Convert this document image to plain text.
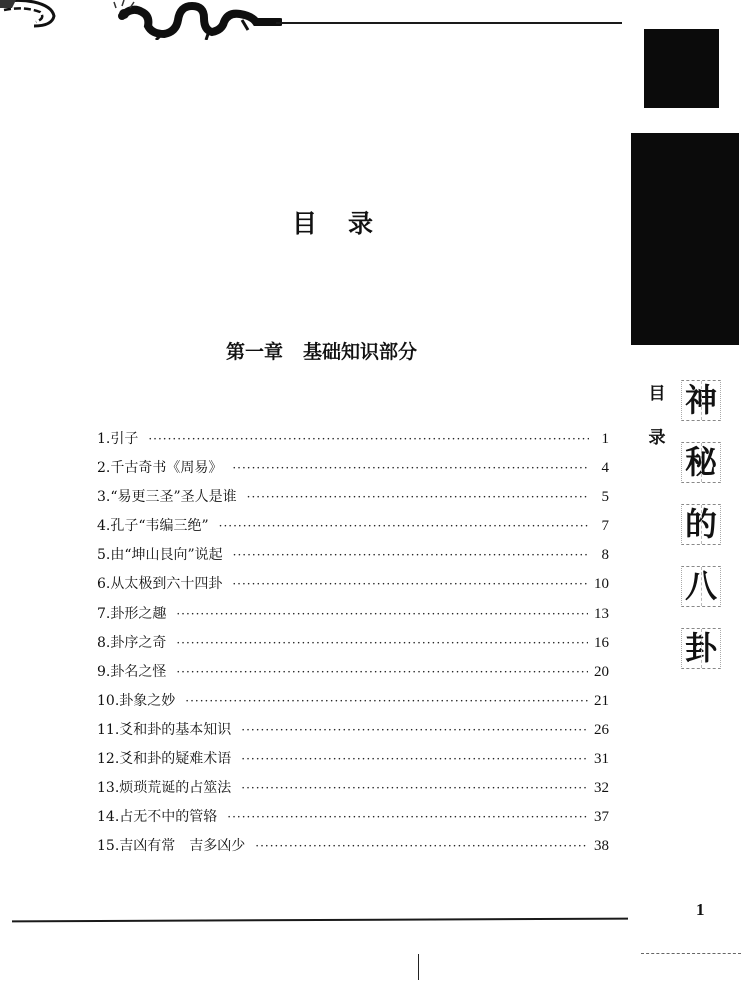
目
录
神
秘
的
八
卦
目 录
第一章 基础知识部分
1.引子 ·····	1
2.千古奇书《周易》 ·····	4
3.“易更三圣”圣人是谁 ·····	5
4.孔子“韦编三绝” ·····	7
5.由“坤山艮向”说起 ·····	8
6.从太极到六十四卦 ·····	10
7.卦形之趣 ·····	13
8.卦序之奇 ·····	16
9.卦名之怪 ·····	20
10.卦象之妙 ·····	21
11.爻和卦的基本知识 ·····	26
12.爻和卦的疑难术语 ·····	31
13.烦琐荒诞的占筮法 ·····	32
14.占无不中的管辂 ·····	37
15.吉凶有常　吉多凶少 ·····	38
1
